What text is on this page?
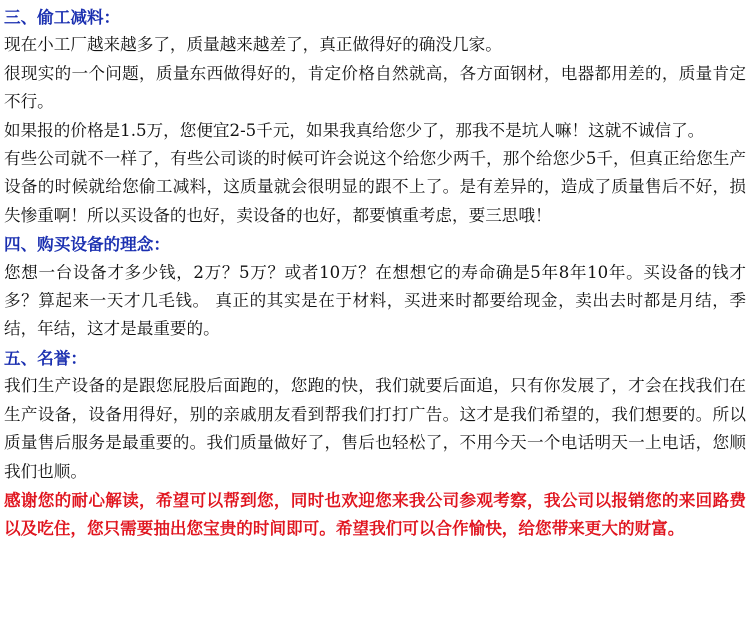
三、偷工减料：

现在小工厂越来越多了，质量越来越差了，真正做得好的确没几家。

很现实的一个问题，质量东西做得好的，肯定价格自然就高，各方面钢材，电器都用差的，质量肯定不行。

如果报的价格是1.5万，您便宜2-5千元，如果我真给您少了，那我不是坑人嘛！这就不诚信了。

有些公司就不一样了，有些公司谈的时候可许会说这个给您少两千，那个给您少5千，但真正给您生产设备的时候就给您偷工减料，这质量就会很明显的跟不上了。是有差异的，造成了质量售后不好，损失惨重啊！所以买设备的也好，卖设备的也好，都要慎重考虑，要三思哦！

四、购买设备的理念：

您想一台设备才多少钱，2万？5万？或者10万？在想想它的寿命确是5年8年10年。买设备的钱才多？算起来一天才几毛钱。 真正的其实是在于材料，买进来时都要给现金，卖出去时都是月结，季结，年结，这才是最重要的。

五、名誉：

我们生产设备的是跟您屁股后面跑的，您跑的快，我们就要后面追，只有你发展了，才会在找我们在生产设备，设备用得好，别的亲戚朋友看到帮我们打打广告。这才是我们希望的，我们想要的。所以质量售后服务是最重要的。我们质量做好了，售后也轻松了，不用今天一个电话明天一上电话，您顺我们也顺。

感谢您的耐心解读，希望可以帮到您，同时也欢迎您来我公司参观考察，我公司以报销您的来回路费以及吃住，您只需要抽出您宝贵的时间即可。希望我们可以合作愉快，给您带来更大的财富。
